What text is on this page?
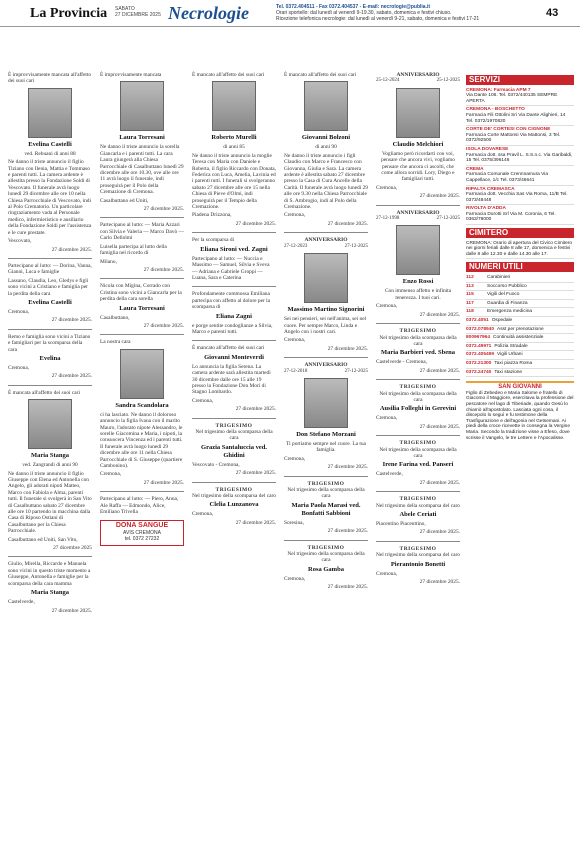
La Provincia SABATO
27 DICEMBRE 2025 Necrologie	Tel. 0372.404511 - Fax 0372.404537 - E-mail: necrologie@publia.it
Orari sportello: dal lunedì al venerdì 9-19.30, sabato, domenica e festivi chiuso.
Ricezione telefonica necrologie: dal lunedì al venerdì 9-21, sabato, domenica e festivi 17-21	43

È improvvisamente mancata all'affetto dei suoi cari

Evelina Castelli
ved. Rebuani di anni 88

Ne danno il triste annuncio il figlio Tiziano con Ilenia, Mattia e Tommaso e parenti tutti. La camera ardente è allestita presso la Fondazione Soldi di Vescovato. Il funerale avrà luogo lunedì 29 dicembre alle ore 10 nella Chiesa Parrocchiale di Vescovato, indi al Polo Crematorio. Un particolare ringraziamento vada al Personale medico, infermieristico e ausiliario della Fondazione Soldi per l'assistenza e le cure prestate.

Vescovato,

27 dicembre 2025.

Partecipano al lutto: — Dorina, Vanna, Gianni, Luca e famiglie

Lassano, Claudia, Leo, Gledys e figli sono vicini a Cristiano e famiglia per la perdita della cara

Evelina Castelli

Cremona,

27 dicembre 2025.

Remo e famiglia sono vicini a Tiziano e famigliari per la scomparsa della cara

Evelina

Cremona,

27 dicembre 2025.

È mancata all'affetto dei suoi cari

Maria Stanga
ved. Zangrandi di anni 90

Ne danno il triste annuncio il figlio Giuseppe con Elena ed Antonella con Angelo, gli adorati nipoti Matteo, Marco con Fabiola e Alma, parenti tutti. Il funerale si svolgerà in San Vito di Casalbuttano sabato 27 dicembre alle ore 10 partendo in macchina dalla Casa di Riposo Ostiani di Casalbuttano per la Chiesa Parrocchiale.

Casalbuttano ed Uniti, San Vito,

27 dicembre 2025

Giulio, Mirella, Riccardo e Manuela sono vicini in questo triste momento a Giuseppe, Antonella e famiglie per la scomparsa della cara mamma

Maria Stanga

Castelverde,

27 dicembre 2025.

È improvvisamente mancata

Laura Torresani

Ne danno il triste annuncio la sorella Giancarla e i parenti tutti. La cara Laura giungerà alla Chiesa Parrocchiale di Casalbuttano lunedì 29 dicembre alle ore 10.30, ove alle ore 11 avrà luogo il funerale, indi proseguirà per il Polo della Cremazione di Cremona.

Casalbuttano ed Uniti,

27 dicembre 2025.

Partecipano al lutto: — Maria Azzari con Silvia e Valeria — Marco Davò — Carlo Dellolmi

Luisella partecipa al lutto della famiglia nel ricordo di

Milano,

27 dicembre 2025.

Nicola con Migina, Corrado con Cristina sono vicini a Giancarla per la perdita della cara sorella

Laura Torresani

Casalbuttano,

27 dicembre 2025.

La nostra cara

Sandra Scandolara

ci ha lasciato. Ne danno il doloroso annuncio la figlia Ivana con il marito Mauro, l'adorato nipote Alessandro, le sorelle Giacomina e Maria, i nipoti, la consuocera Vincenza ed i parenti tutti. Il funerale avrà luogo lunedì 29 dicembre alle ore 11 nella Chiesa Parrocchiale di S. Giuseppe (quartiere Cambonino).

Cremona,

27 dicembre 2025.

Partecipano al lutto: — Piero, Anna, Ale Raffa — Edmondo, Alice, Emiliano Trivella

DONA SANGUE
AVIS CREMONA
tel. 0372 27232

È mancato all'affetto dei suoi cari

Roberto Murelli
di anni 85

Ne danno il triste annuncio la moglie Teresa con Maria con Daniele e Roberta, il figlio Riccardo con Donata, Federica con Luca, Amelia, Lavinia ed i parenti tutti. I funerali si svolgeranno sabato 27 dicembre alle ore 15 nella Chiesa di Pieve d'Olmi, indi proseguirà per il Tempio della Cremazione.

Piadena Drizzona,

27 dicembre 2025.

Per la scomparsa di

Eliana Sironi ved. Zagni

Partecipano al lutto: — Nuccia e Massimo — Samuel, Silvia e Sveva — Adriana e Gabriele Groppi — Luana, Sara e Caterina

Profondamente commossa Emiliana partecipa con affetto al dolore per la scomparsa di

Eliana Zagni

e porge sentite condoglianze a Silvia, Marco e parenti tutti.

È mancato all'affetto dei suoi cari

Giovanni Monteverdi

Lo annuncia la figlia Serena. La camera ardente sarà allestita martedì 30 dicembre dalle ore 15 alle 19 presso la Fondazione Don Mori di Stagno Lombardo.

Cremona,

27 dicembre 2025.

TRIGESIMO

Nel trigesimo della scomparsa della cara

Grazia Santaluccia ved. Ghidini

Vescovato - Cremona,

27 dicembre 2025.

TRIGESIMO

Nel trigesimo della scomparsa del caro

Clelia Lunzanova

Cremona,

27 dicembre 2025.

È mancato all'affetto dei suoi cari

Giovanni Bolzoni
di anni 90

Ne danno il triste annuncio i figli Claudio con Marco e Francesco con Giovanna, Giulia e Sara. La camera ardente è allestita sabato 27 dicembre presso la Casa di Cura Ancelle della Carità. Il funerale avrà luogo lunedì 29 alle ore 9.30 nella Chiesa Parrocchiale di S. Ambrogio, indi al Polo della Cremazione.

Cremona,

27 dicembre 2025.

ANNIVERSARIO
27-12-2023	27-12-2025
Massimo Martino Signorini

Sei nei pensieri, sei nell'anima, sei nel cuore. Per sempre Marco, Linda e Angelo con i nostri cari.

Cremona,

27 dicembre 2025.

ANNIVERSARIO
27-12-2018	27-12-2025
Don Stefano Morzani

Ti portiamo sempre nel cuore. La tua famiglia.

Cremona,

27 dicembre 2025.

TRIGESIMO

Nel trigesimo della scomparsa della cara

Maria Paola Marasi ved. Bonfatti Sabbioni

Soresina,

27 dicembre 2025.

TRIGESIMO

Nel trigesimo della scomparsa della cara

Rosa Gamba

Cremona,

27 dicembre 2025.

ANNIVERSARIO
25-12-2024	25-12-2025
Claudio Melchiori

Vogliamo però ricordarti con voi, pensare che ancora vivi, vogliamo pensare che ancora ci ascolti, che come allora sorridi. Lory, Diego e famigliari tutti.

Cremona,

27 dicembre 2025.

ANNIVERSARIO
27-12-1998	27-12-2025
Enzo Rossi

Con immenso affetto e infinita tenerezza. I tuoi cari.

Cremona,

27 dicembre 2025.

TRIGESIMO

Nel trigesimo della scomparsa della cara

Maria Barbieri ved. Sbena

Castelverde - Cremona,

27 dicembre 2025.

TRIGESIMO

Nel trigesimo della scomparsa della cara

Ausilia Folleghi in Gerevini

Cremona,

27 dicembre 2025.

TRIGESIMO

Nel trigesimo della scomparsa della cara

Irene Farina ved. Panseri

Castelverde,

27 dicembre 2025.

TRIGESIMO

Nel trigesimo della scomparsa del caro

Abele Ceriati

Piacentino Piacenttino,

27 dicembre 2025.

TRIGESIMO

Nel trigesimo della scomparsa del caro

Pierantonio Bonetti

Cremona,

27 dicembre 2025.

SERVIZI
CREMONA: Farmacia APM 7
Via Dante 106. Tel. 0372/440135 SEMPRE APERTA
CREMONA - BOSCHETTO
Farmacia Fili Ottolini Sri Via Dante Alighieri, 14 Tel. 0372/1970820
CORTE DE' CORTESI CON CIGNONE
Farmacia Corte Mattonsi Via Mattonsi, 3 Tel. 0372/92500
ISOLA DOVARESE
Farmacia dott. ssa Pravil L. S.S.n.c. Via Garibaldi, 15 Tel. 0375/396146
CREMA
Farmacia Comunale Crennnamura Via Cappellace, 1/c Tel. 0373/46641
RIPALTA CREMASCA
Farmacia dott. Vecchia Sas Via Roma, 11/B Tel. 0373/48448
RIVOLTA D'ADDA
Farmacia Dorotti Srl Via M. Coronia, 6 Tel. 0363/78000
CIMITERO
CREMONA: Orario di apertura del Civico Cimitero nei giorni feriali dalle 8 alle 17, domenica e festivi dalle 8 alle 12.30 e dalle 14.30 alle 17.
NUMERI UTILI
112	Carabinieri
113	Soccorso Pubblico
115	Vigili del Fuoco
117	Guardia di Finanza
118	Emergenza medicina
0372.4051 Ospedale
0372.078940 Asst per prenotazione
800967964 Continuità assistenziale
0372.49971 Polizia Stradale
0372.405499 Vigili Urbani
0372.21300 Taxi piazza Roma
0372.24740 Taxi stazione
SAN GIOVANNI
Figlio di Zebedeo e Maria Salome e fratello di Giacomo il Maggiore, esercitava la professione del pescatore nel lago di Tiberiade, quando Gesù lo chiamò all'apostolato. Lasciata ogni cosa, il discepolo lo seguì e fu testimone della Trasfigurazione e dell'agonia nel Getsemani. Ai piedi della croce ricevette in consegna la Vergine Maria. Secondo la tradizione visse a Efeso, dove scrisse il Vangelo, le tre Lettere e l'Apocalisse.
